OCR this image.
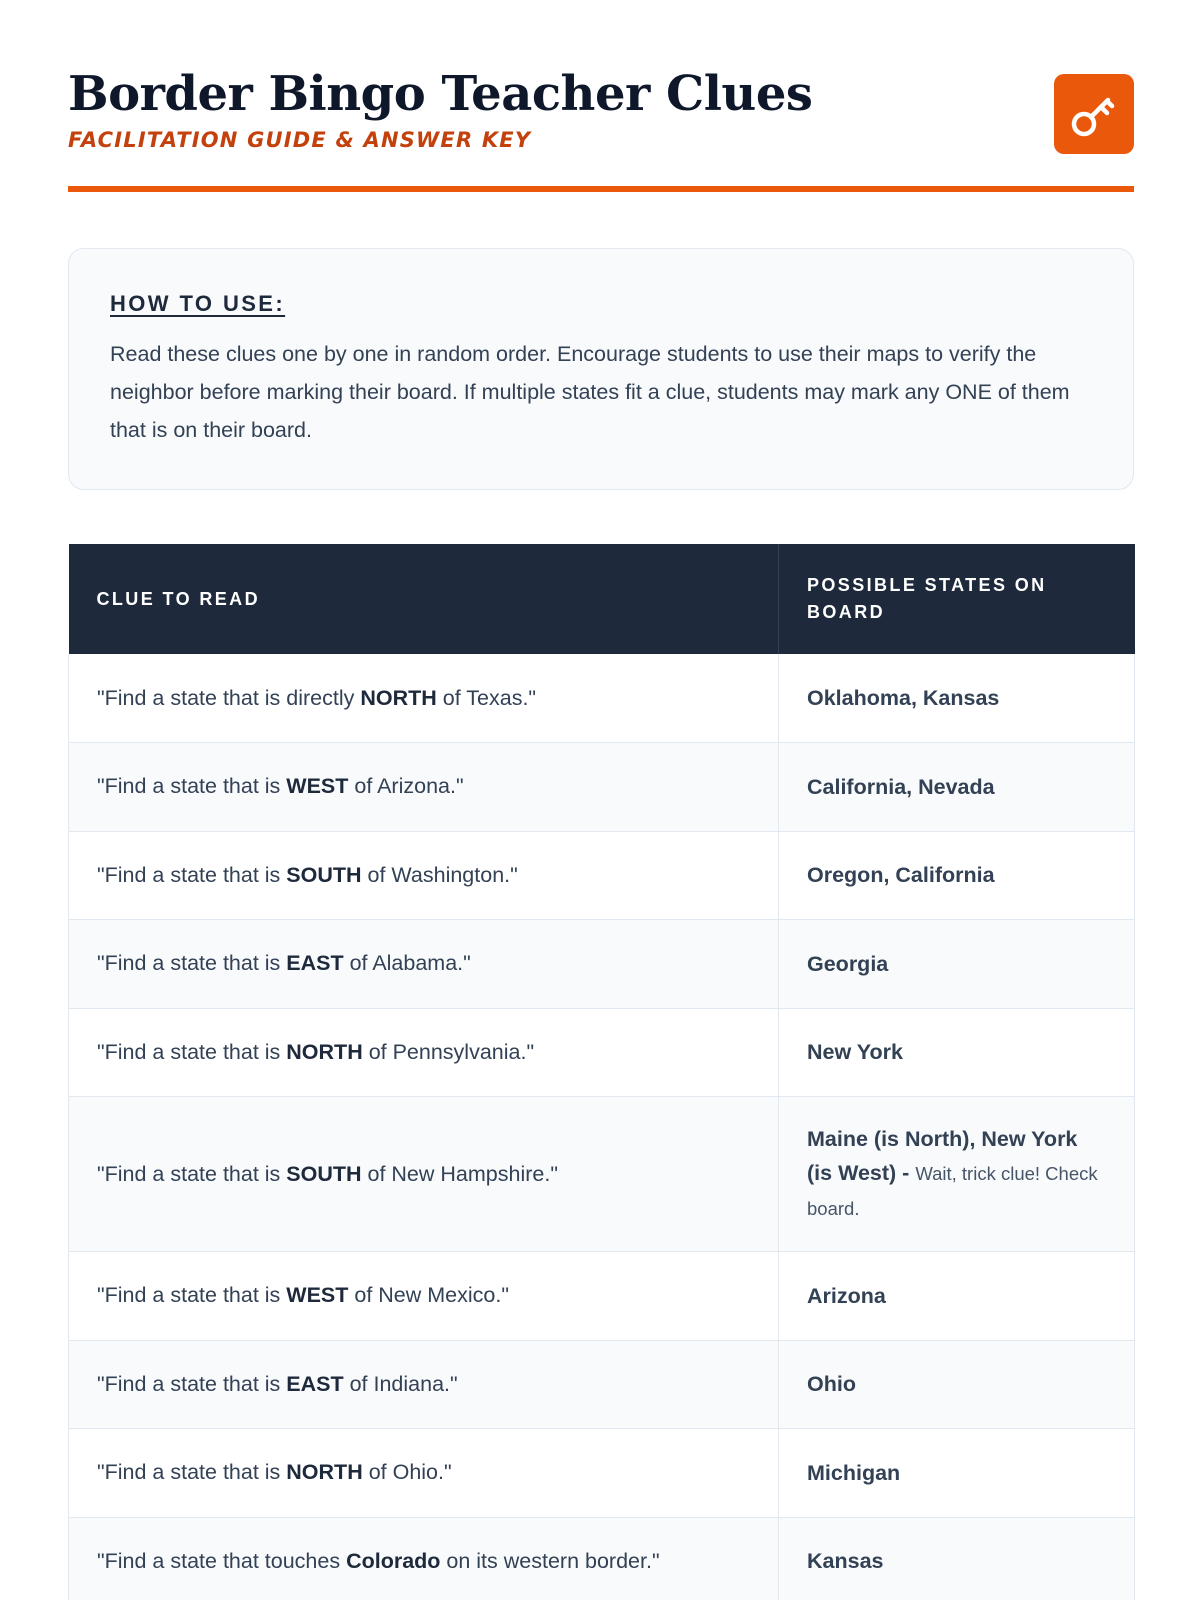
Border Bingo Teacher Clues
FACILITATION GUIDE & ANSWER KEY
HOW TO USE:
Read these clues one by one in random order. Encourage students to use their maps to verify the neighbor before marking their board. If multiple states fit a clue, students may mark any ONE of them that is on their board.
CLUE TO READ	POSSIBLE STATES ON BOARD
"Find a state that is directly NORTH of Texas."	Oklahoma, Kansas
"Find a state that is WEST of Arizona."	California, Nevada
"Find a state that is SOUTH of Washington."	Oregon, California
"Find a state that is EAST of Alabama."	Georgia
"Find a state that is NORTH of Pennsylvania."	New York
"Find a state that is SOUTH of New Hampshire."	Maine (is North), New York (is West) - Wait, trick clue! Check board.
"Find a state that is WEST of New Mexico."	Arizona
"Find a state that is EAST of Indiana."	Ohio
"Find a state that is NORTH of Ohio."	Michigan
"Find a state that touches Colorado on its western border."	Kansas
